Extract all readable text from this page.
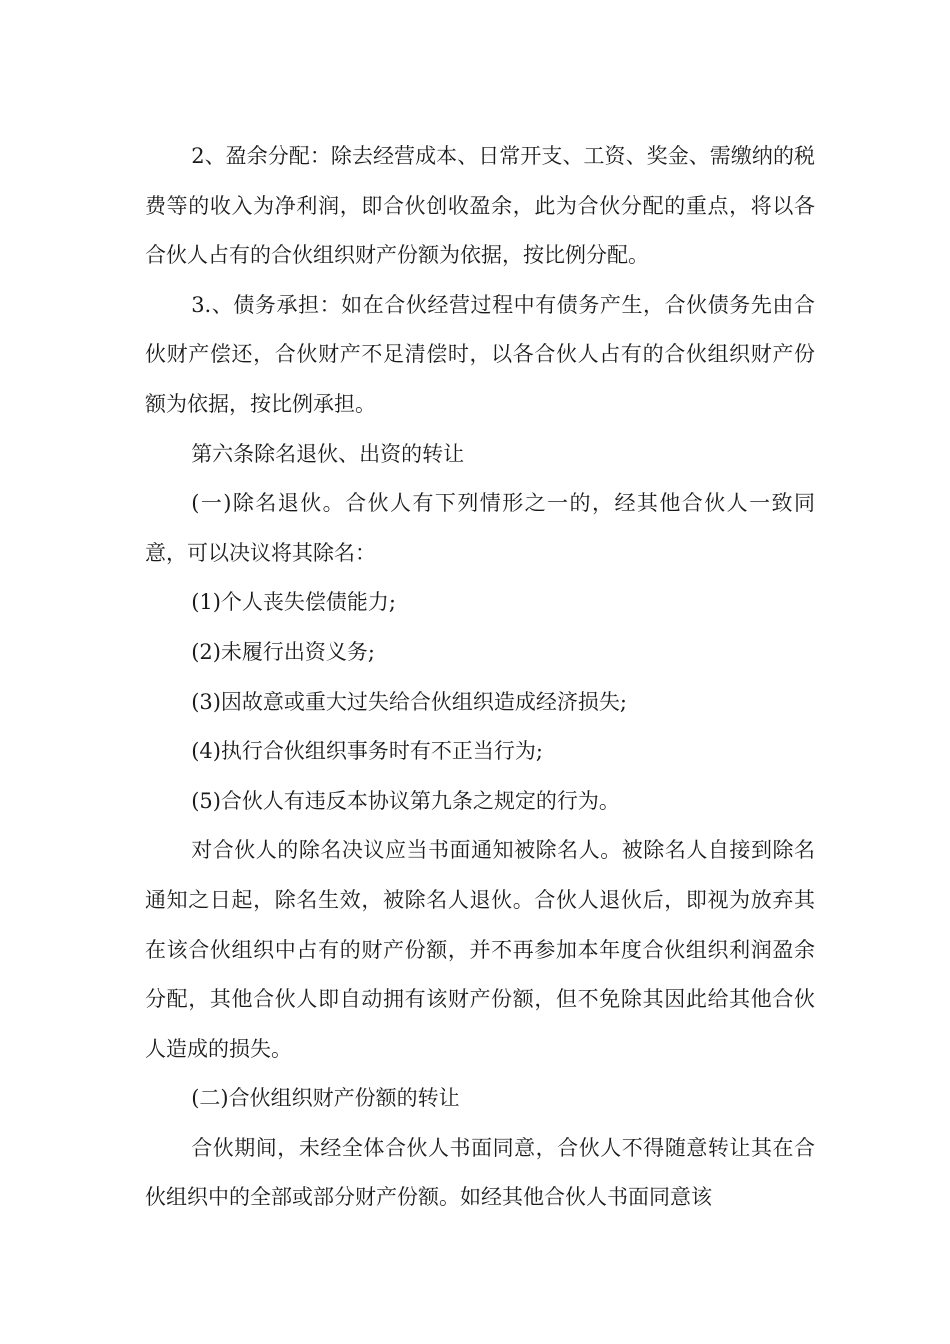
2、盈余分配：除去经营成本、日常开支、工资、奖金、需缴纳的税费等的收入为净利润，即合伙创收盈余，此为合伙分配的重点，将以各合伙人占有的合伙组织财产份额为依据，按比例分配。

3.、债务承担：如在合伙经营过程中有债务产生，合伙债务先由合伙财产偿还，合伙财产不足清偿时，以各合伙人占有的合伙组织财产份额为依据，按比例承担。

第六条除名退伙、出资的转让

(一)除名退伙。合伙人有下列情形之一的，经其他合伙人一致同意，可以决议将其除名：

(1)个人丧失偿债能力;

(2)未履行出资义务;

(3)因故意或重大过失给合伙组织造成经济损失;

(4)执行合伙组织事务时有不正当行为;

(5)合伙人有违反本协议第九条之规定的行为。

对合伙人的除名决议应当书面通知被除名人。被除名人自接到除名通知之日起，除名生效，被除名人退伙。合伙人退伙后，即视为放弃其在该合伙组织中占有的财产份额，并不再参加本年度合伙组织利润盈余分配，其他合伙人即自动拥有该财产份额，但不免除其因此给其他合伙人造成的损失。

(二)合伙组织财产份额的转让

合伙期间，未经全体合伙人书面同意，合伙人不得随意转让其在合伙组织中的全部或部分财产份额。如经其他合伙人书面同意该
